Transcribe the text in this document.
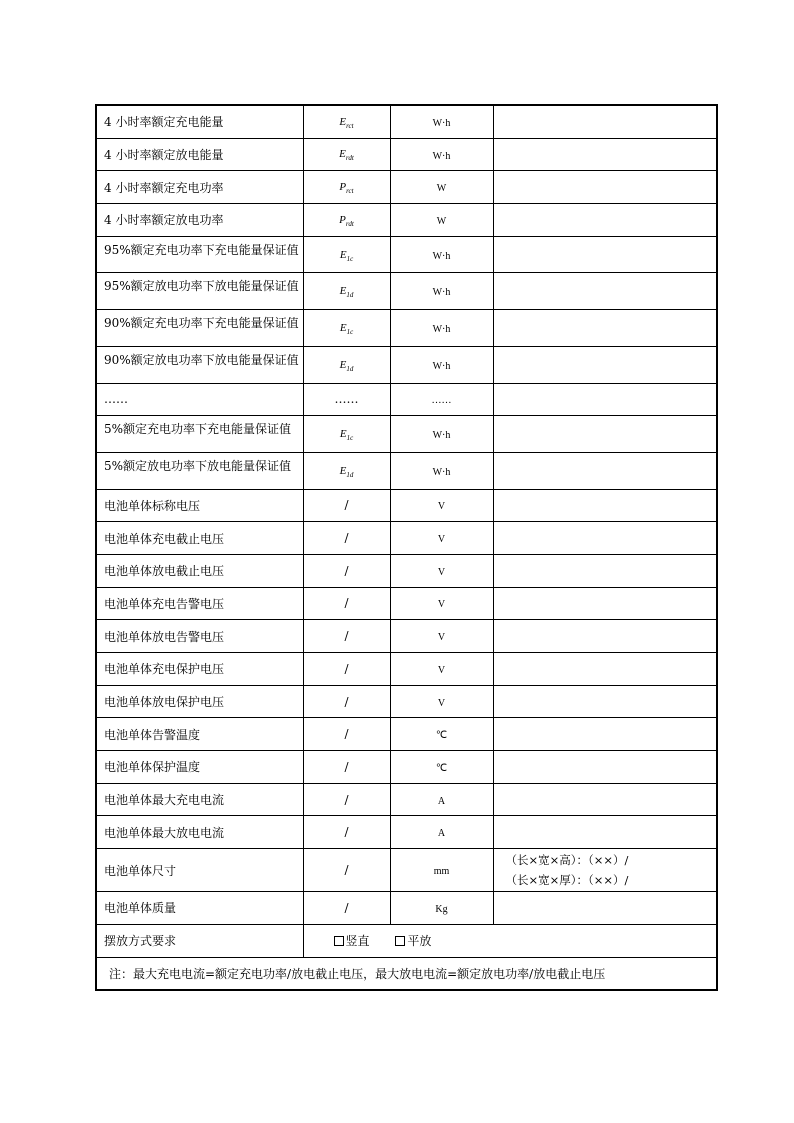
4 小时率额定充电能量	$E_{rct}$	W·h	
4 小时率额定放电能量	$E_{rdt}$	W·h	
4 小时率额定充电功率	$P_{rct}$	W	
4 小时率额定放电功率	$P_{rdt}$	W	
95%额定充电功率下充电能量保证值	$E_{1c}$	W·h	
95%额定放电功率下放电能量保证值	$E_{1d}$	W·h	
90%额定充电功率下充电能量保证值	$E_{1c}$	W·h	
90%额定放电功率下放电能量保证值	$E_{1d}$	W·h	
……	……	……	
5%额定充电功率下充电能量保证值	$E_{1c}$	W·h	
5%额定放电功率下放电能量保证值	$E_{1d}$	W·h	
电池单体标称电压	/	V	
电池单体充电截止电压	/	V	
电池单体放电截止电压	/	V	
电池单体充电告警电压	/	V	
电池单体放电告警电压	/	V	
电池单体充电保护电压	/	V	
电池单体放电保护电压	/	V	
电池单体告警温度	/	℃	
电池单体保护温度	/	℃	
电池单体最大充电电流	/	A	
电池单体最大放电电流	/	A	
电池单体尺寸	/	mm	（长×宽×高）：（××）/
（长×宽×厚）：（××）/

电池单体质量	/	Kg	
摆放方式要求	竖直 平放		
注：最大充电电流=额定充电功率/放电截止电压，最大放电电流=额定放电功率/放电截止电压			
